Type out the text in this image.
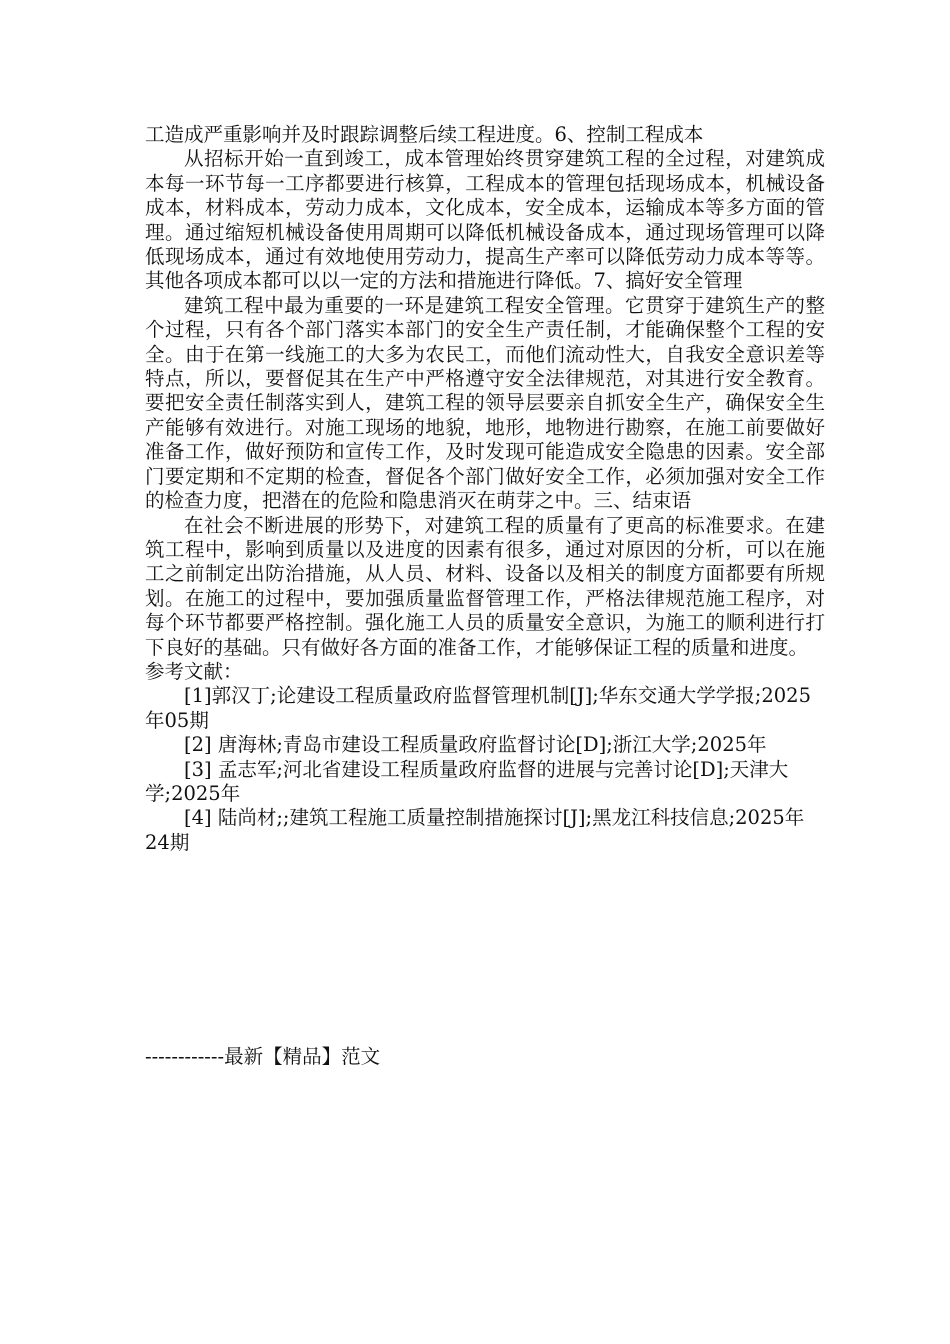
工造成严重影响并及时跟踪调整后续工程进度。6、控制工程成本

从招标开始一直到竣工，成本管理始终贯穿建筑工程的全过程，对建筑成本每一环节每一工序都要进行核算，工程成本的管理包括现场成本，机械设备成本，材料成本，劳动力成本，文化成本，安全成本，运输成本等多方面的管理。通过缩短机械设备使用周期可以降低机械设备成本，通过现场管理可以降低现场成本，通过有效地使用劳动力，提高生产率可以降低劳动力成本等等。其他各项成本都可以以一定的方法和措施进行降低。7、搞好安全管理

建筑工程中最为重要的一环是建筑工程安全管理。它贯穿于建筑生产的整个过程，只有各个部门落实本部门的安全生产责任制，才能确保整个工程的安全。由于在第一线施工的大多为农民工，而他们流动性大，自我安全意识差等特点，所以，要督促其在生产中严格遵守安全法律规范，对其进行安全教育。要把安全责任制落实到人，建筑工程的领导层要亲自抓安全生产，确保安全生产能够有效进行。对施工现场的地貌，地形，地物进行勘察，在施工前要做好准备工作，做好预防和宣传工作，及时发现可能造成安全隐患的因素。安全部门要定期和不定期的检查，督促各个部门做好安全工作，必须加强对安全工作的检查力度，把潜在的危险和隐患消灭在萌芽之中。三、结束语

在社会不断进展的形势下，对建筑工程的质量有了更高的标准要求。在建筑工程中，影响到质量以及进度的因素有很多，通过对原因的分析，可以在施工之前制定出防治措施，从人员、材料、设备以及相关的制度方面都要有所规划。在施工的过程中，要加强质量监督管理工作，严格法律规范施工程序，对每个环节都要严格控制。强化施工人员的质量安全意识，为施工的顺利进行打下良好的基础。只有做好各方面的准备工作，才能够保证工程的质量和进度。

参考文献：

[1]郭汉丁;论建设工程质量政府监督管理机制[J];华东交通大学学报;2025年05期

[2] 唐海林;青岛市建设工程质量政府监督讨论[D];浙江大学;2025年

[3] 孟志军;河北省建设工程质量政府监督的进展与完善讨论[D];天津大学;2025年

[4] 陆尚材;;建筑工程施工质量控制措施探讨[J];黑龙江科技信息;2025年24期

------------最新【精品】范文
